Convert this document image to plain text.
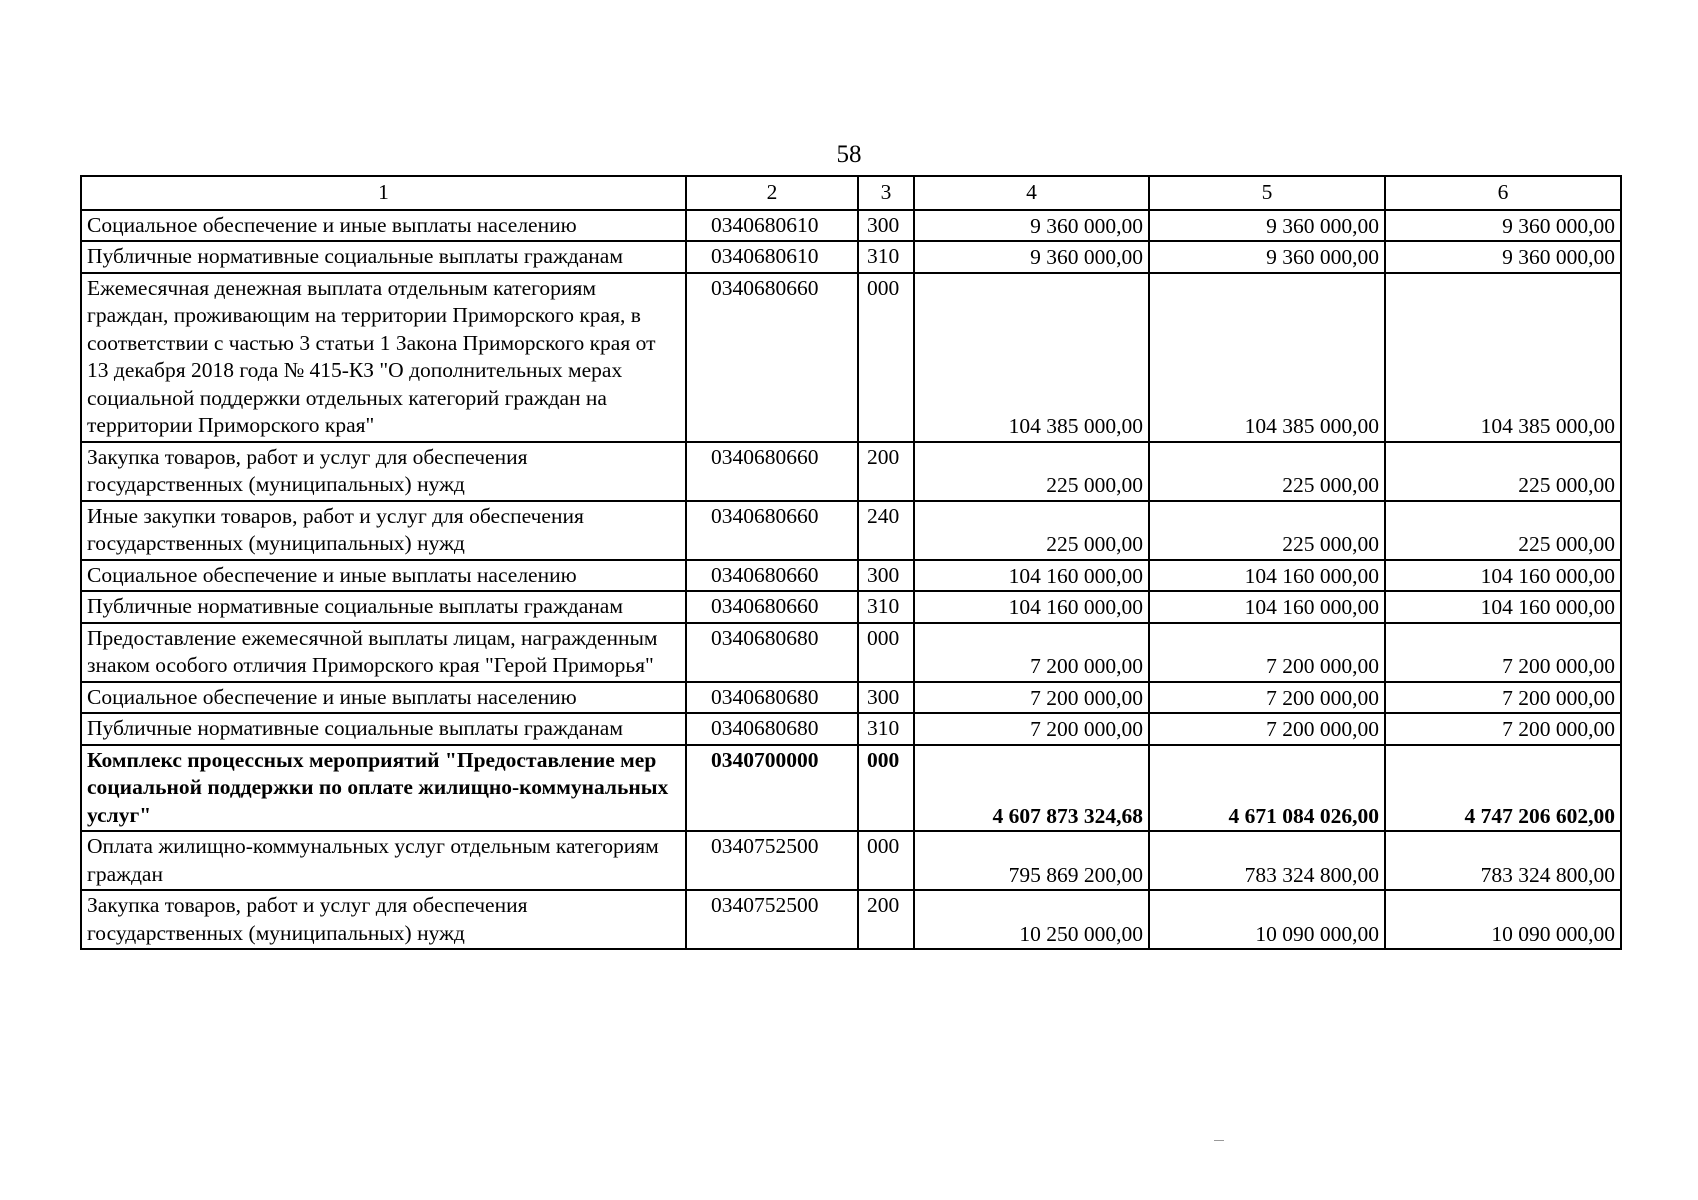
58
1	2	3	4	5	6
Социальное обеспечение и иные выплаты населению	0340680610	300	9 360 000,00	9 360 000,00	9 360 000,00
Публичные нормативные социальные выплаты гражданам	0340680610	310	9 360 000,00	9 360 000,00	9 360 000,00
Ежемесячная денежная выплата отдельным категориям граждан, проживающим на территории Приморского края, в соответствии с частью 3 статьи 1 Закона Приморского края от 13 декабря 2018 года № 415-КЗ "О дополнительных мерах социальной поддержки отдельных категорий граждан на территории Приморского края"	0340680660	000	104 385 000,00	104 385 000,00	104 385 000,00
Закупка товаров, работ и услуг для обеспечения государственных (муниципальных) нужд	0340680660	200	225 000,00	225 000,00	225 000,00
Иные закупки товаров, работ и услуг для обеспечения государственных (муниципальных) нужд	0340680660	240	225 000,00	225 000,00	225 000,00
Социальное обеспечение и иные выплаты населению	0340680660	300	104 160 000,00	104 160 000,00	104 160 000,00
Публичные нормативные социальные выплаты гражданам	0340680660	310	104 160 000,00	104 160 000,00	104 160 000,00
Предоставление ежемесячной выплаты лицам, награжденным знаком особого отличия Приморского края "Герой Приморья"	0340680680	000	7 200 000,00	7 200 000,00	7 200 000,00
Социальное обеспечение и иные выплаты населению	0340680680	300	7 200 000,00	7 200 000,00	7 200 000,00
Публичные нормативные социальные выплаты гражданам	0340680680	310	7 200 000,00	7 200 000,00	7 200 000,00
Комплекс процессных мероприятий "Предоставление мер социальной поддержки по оплате жилищно-коммунальных услуг"	0340700000	000	4 607 873 324,68	4 671 084 026,00	4 747 206 602,00
Оплата жилищно-коммунальных услуг отдельным категориям граждан	0340752500	000	795 869 200,00	783 324 800,00	783 324 800,00
Закупка товаров, работ и услуг для обеспечения государственных (муниципальных) нужд	0340752500	200	10 250 000,00	10 090 000,00	10 090 000,00
